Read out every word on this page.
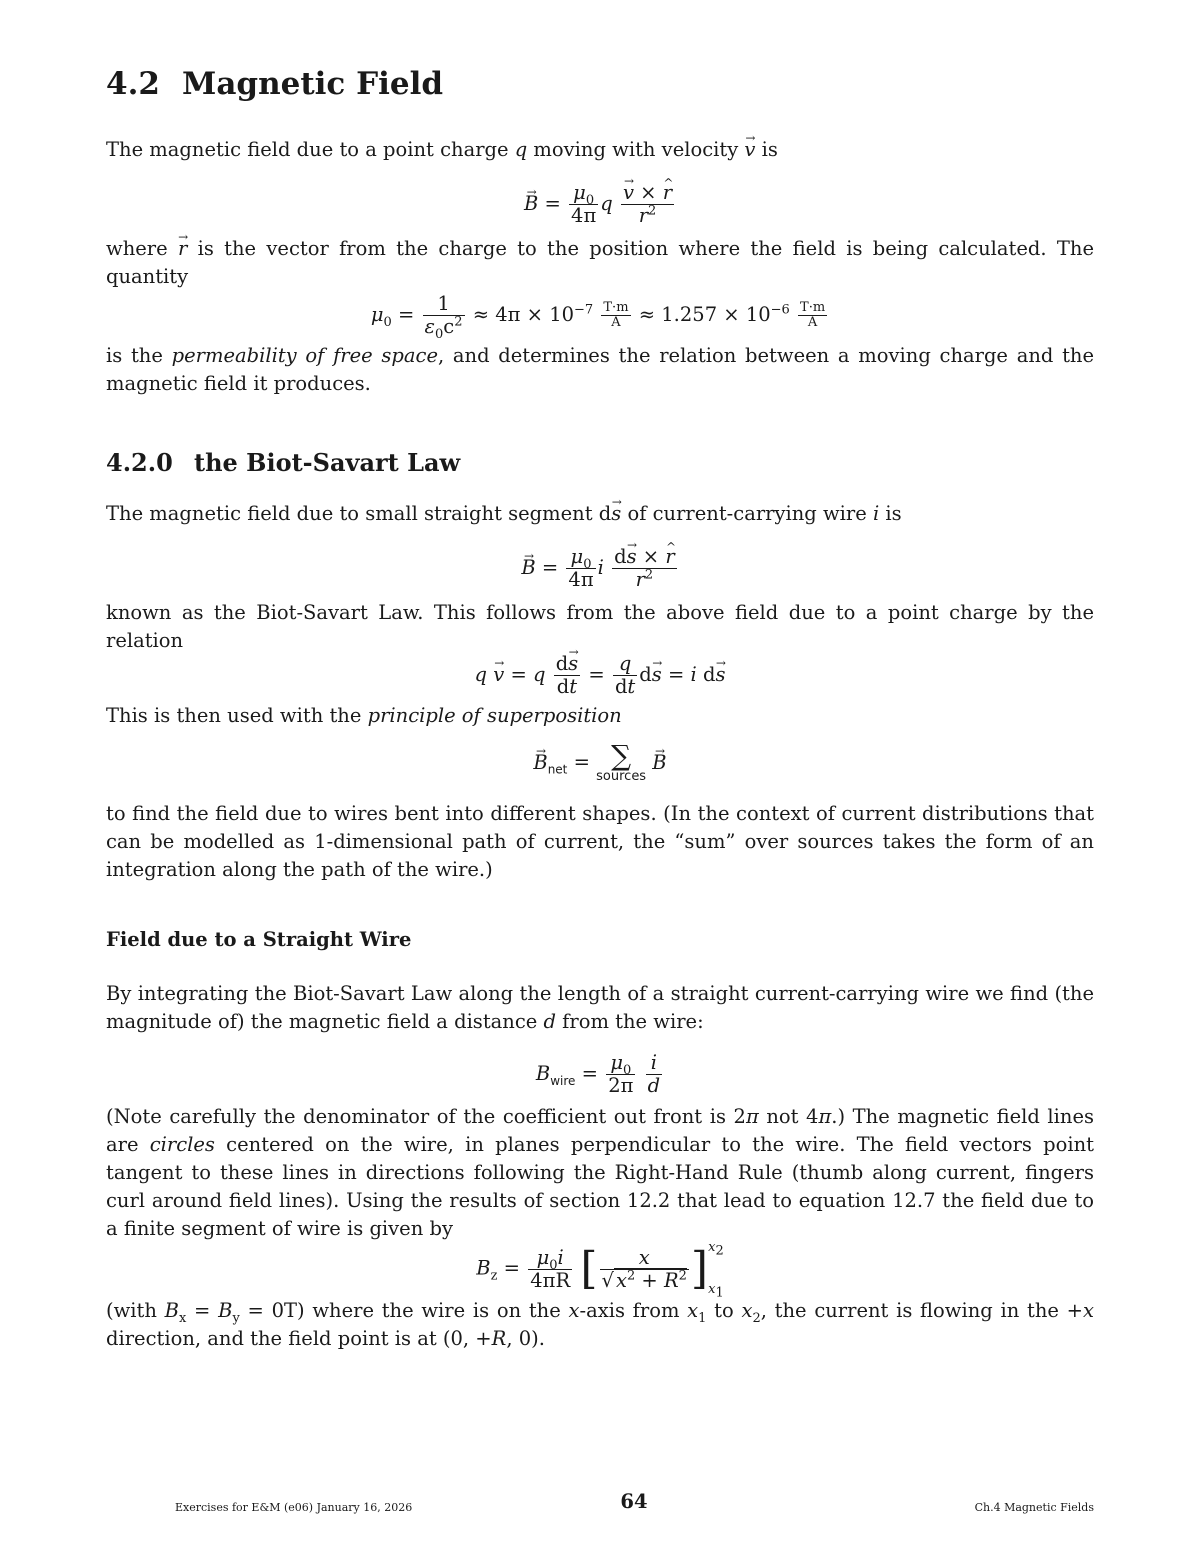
4.2 Magnetic Field

The magnetic field due to a point charge q moving with velocity → v is

→ $B = \frac{\mu_0}{4\pi}$ q
→ $\frac{v \times \^{} r}{r^2}$

where → r is the vector from the charge to the position where the field is being calculated. The quantity

$\mu_0 = \frac{1}{\varepsilon_0c^2} \approx 4\pi \times 10^{-7} \frac{T\cdot m}{A} \approx 1.257 \times 10^{-6} \frac{T\cdot m}{A}$

is the permeability of free space, and determines the relation between a moving charge and the magnetic field it produces.

4.2.0 the Biot-Savart Law

The magnetic field due to small straight segment d→ s of current-carrying wire i is

→ $B = \frac{\mu_0}{4\pi}$ i $\frac{d\to s \times \^{} r}{r^2}$

known as the Biot-Savart Law. This follows from the above field due to a point charge by the relation

q → v = q $\frac{d\to s}{dt} = \frac{q}{dt} d\to s = i$ d→ s

This is then used with the principle of superposition

→ $B_{net}$ = ∑
sources
→ B

to find the field due to wires bent into different shapes. (In the context of current distributions that can be modelled as 1-dimensional path of current, the “sum” over sources takes the form of an integration along the path of the wire.)

Field due to a Straight Wire

By integrating the Biot-Savart Law along the length of a straight current-carrying wire we find (the magnitude of) the magnetic field a distance d from the wire:

$B_{wire} = \frac{\mu_0}{2\pi}$
$\frac{i}{d}$

(Note carefully the denominator of the coefficient out front is 2π not 4π.) The magnetic field lines are circles centered on the wire, in planes perpendicular to the wire. The field vectors point tangent to these lines in directions following the Right-Hand Rule (thumb along current, fingers curl around field lines). Using the results of section 12.2 that lead to equation 12.7 the field due to a finite segment of wire is given by

$B_z = \frac{\mu_0i}{4\pi R}$ [ $\frac{x}{√ x^2 + R^2}$ ] $x_2$
$x_1$

(with $B_x = B_y = 0T$) where the wire is on the x-axis from $x_1$ to $x_2$, the current is flowing in the +x direction, and the field point is at (0, +R, 0).

Exercises for E&M (e06) January 16, 2026	64	Ch.4 Magnetic Fields
